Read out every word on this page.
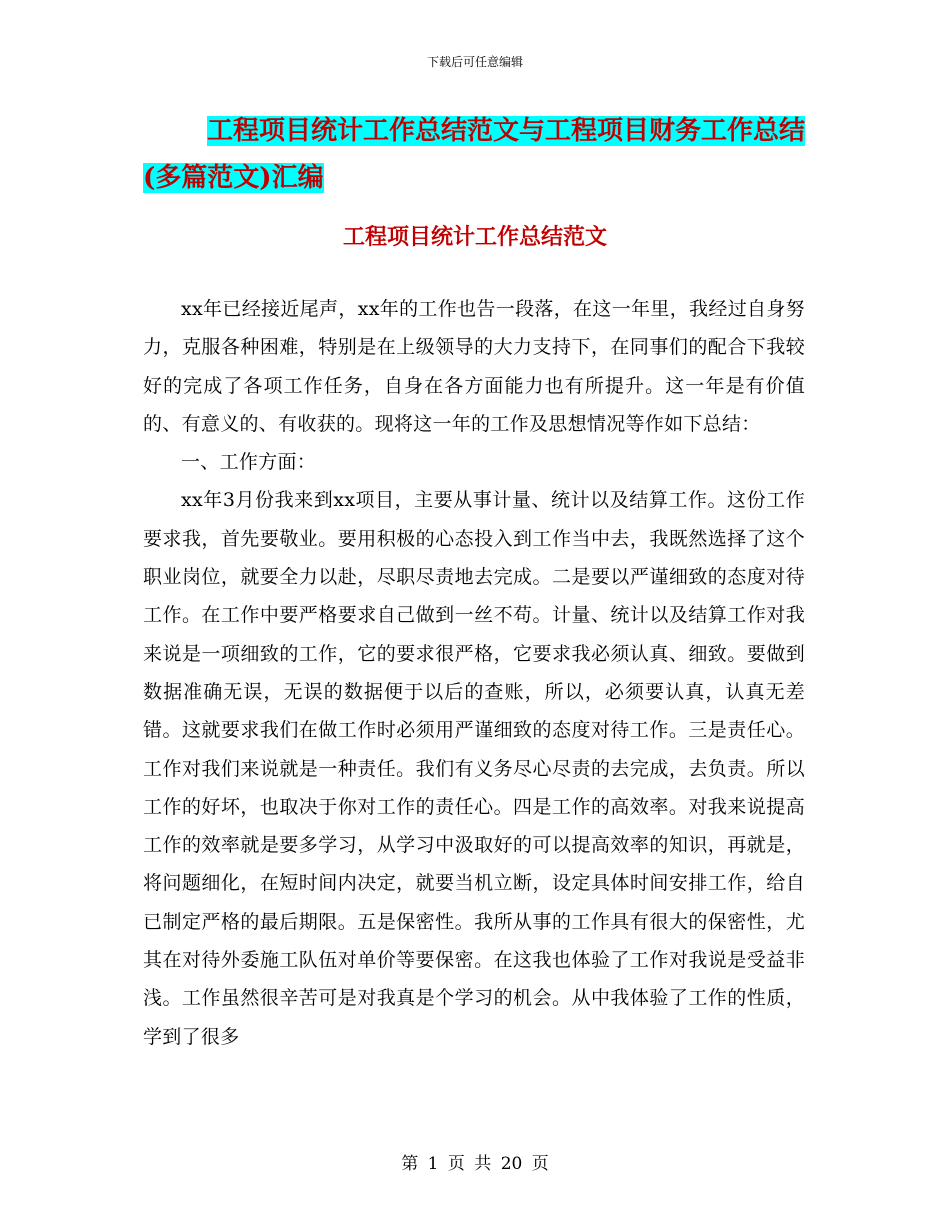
下载后可任意编辑
工程项目统计工作总结范文与工程项目财务工作总结
(多篇范文)汇编
工程项目统计工作总结范文

xx年已经接近尾声，xx年的工作也告一段落，在这一年里，我经过自身努力，克服各种困难，特别是在上级领导的大力支持下，在同事们的配合下我较好的完成了各项工作任务，自身在各方面能力也有所提升。这一年是有价值的、有意义的、有收获的。现将这一年的工作及思想情况等作如下总结：

一、工作方面：

xx年3月份我来到xx项目，主要从事计量、统计以及结算工作。这份工作要求我，首先要敬业。要用积极的心态投入到工作当中去，我既然选择了这个职业岗位，就要全力以赴，尽职尽责地去完成。二是要以严谨细致的态度对待工作。在工作中要严格要求自己做到一丝不苟。计量、统计以及结算工作对我来说是一项细致的工作，它的要求很严格，它要求我必须认真、细致。要做到数据准确无误，无误的数据便于以后的查账，所以，必须要认真，认真无差错。这就要求我们在做工作时必须用严谨细致的态度对待工作。三是责任心。工作对我们来说就是一种责任。我们有义务尽心尽责的去完成，去负责。所以工作的好坏，也取决于你对工作的责任心。四是工作的高效率。对我来说提高工作的效率就是要多学习，从学习中汲取好的可以提高效率的知识，再就是，将问题细化，在短时间内决定，就要当机立断，设定具体时间安排工作，给自已制定严格的最后期限。五是保密性。我所从事的工作具有很大的保密性，尤其在对待外委施工队伍对单价等要保密。在这我也体验了工作对我说是受益非浅。工作虽然很辛苦可是对我真是个学习的机会。从中我体验了工作的性质，学到了很多

第 1 页 共 20 页
